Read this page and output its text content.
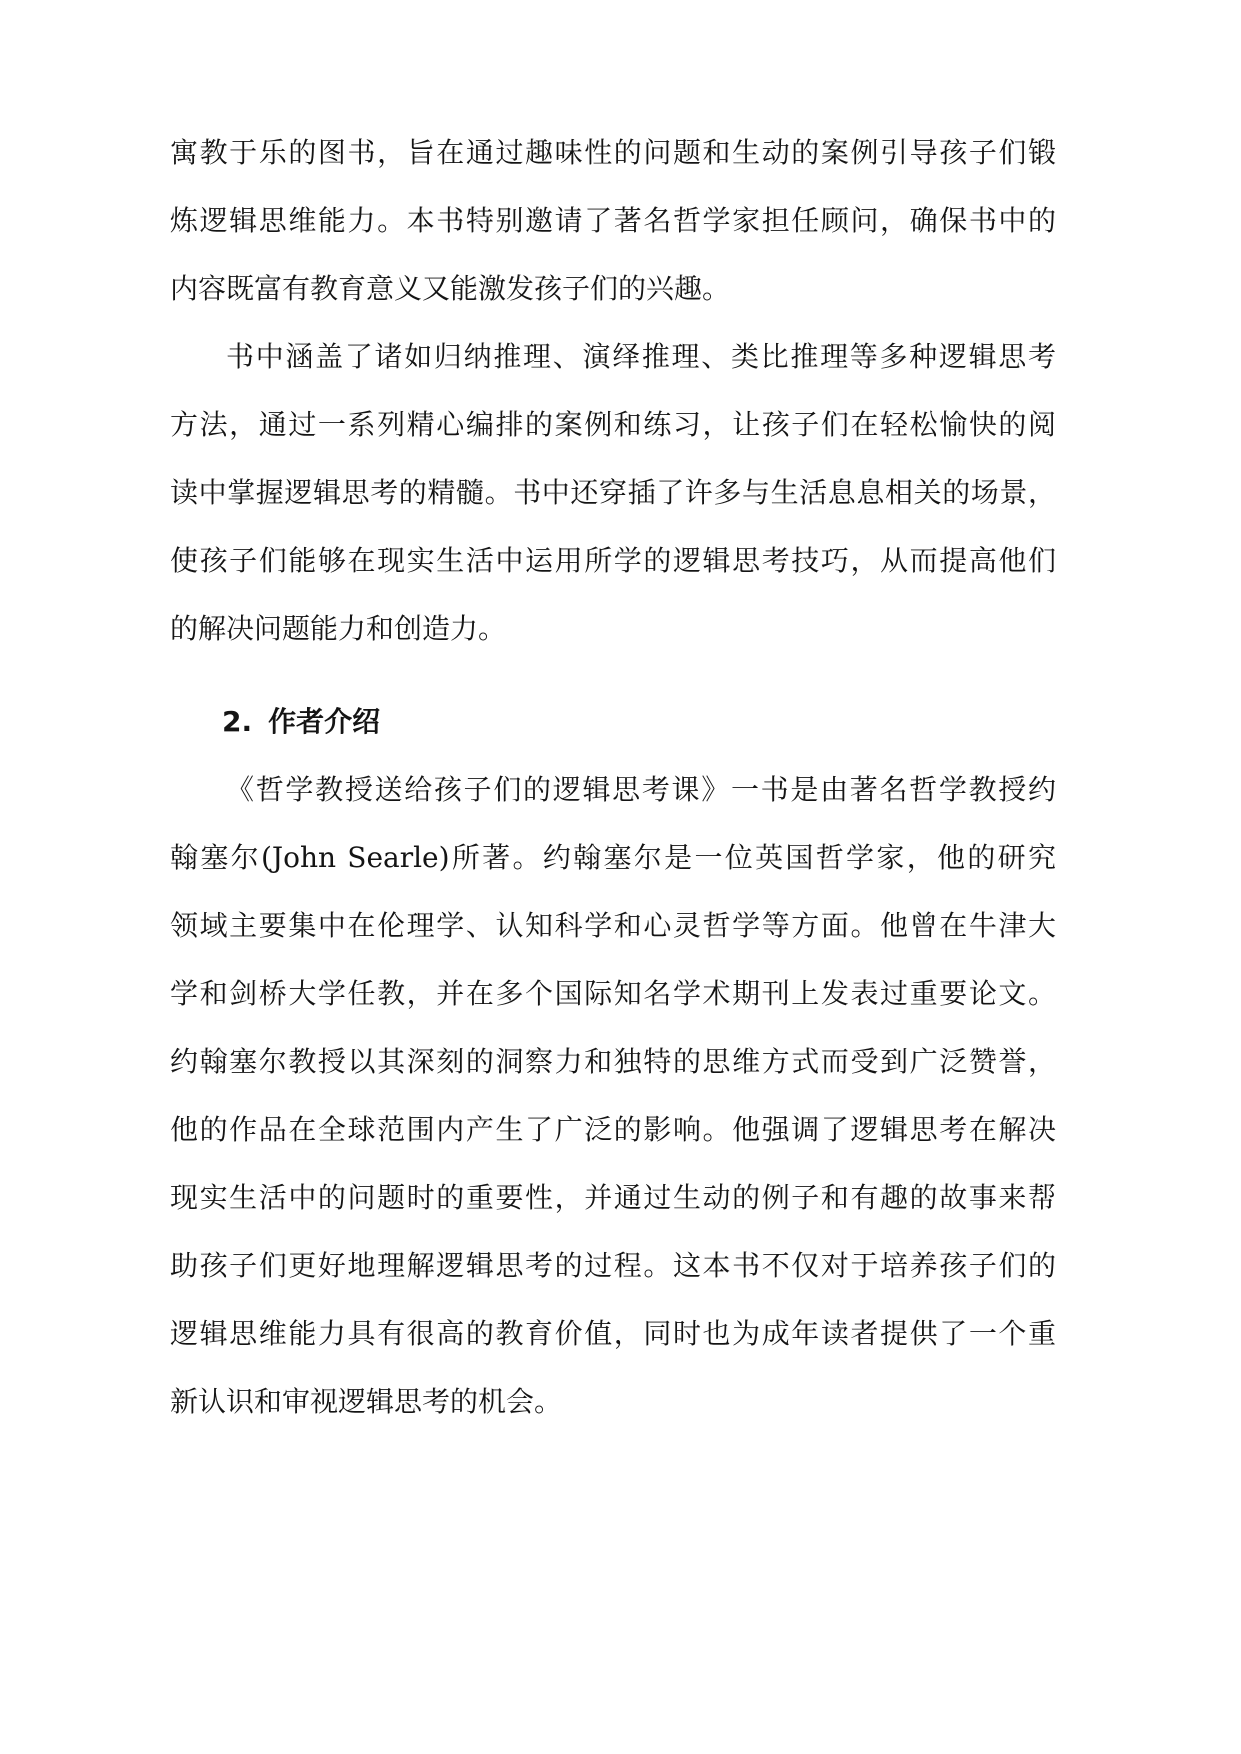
寓教于乐的图书，旨在通过趣味性的问题和生动的案例引导孩子们锻
炼逻辑思维能力。本书特别邀请了著名哲学家担任顾问，确保书中的
内容既富有教育意义又能激发孩子们的兴趣。
书中涵盖了诸如归纳推理、演绎推理、类比推理等多种逻辑思考
方法，通过一系列精心编排的案例和练习，让孩子们在轻松愉快的阅
读中掌握逻辑思考的精髓。书中还穿插了许多与生活息息相关的场景，
使孩子们能够在现实生活中运用所学的逻辑思考技巧，从而提高他们
的解决问题能力和创造力。
2. 作者介绍
《哲学教授送给孩子们的逻辑思考课》一书是由著名哲学教授约
翰塞尔(John Searle)所著。约翰塞尔是一位英国哲学家，他的研究
领域主要集中在伦理学、认知科学和心灵哲学等方面。他曾在牛津大
学和剑桥大学任教，并在多个国际知名学术期刊上发表过重要论文。
约翰塞尔教授以其深刻的洞察力和独特的思维方式而受到广泛赞誉，
他的作品在全球范围内产生了广泛的影响。他强调了逻辑思考在解决
现实生活中的问题时的重要性，并通过生动的例子和有趣的故事来帮
助孩子们更好地理解逻辑思考的过程。这本书不仅对于培养孩子们的
逻辑思维能力具有很高的教育价值，同时也为成年读者提供了一个重
新认识和审视逻辑思考的机会。
